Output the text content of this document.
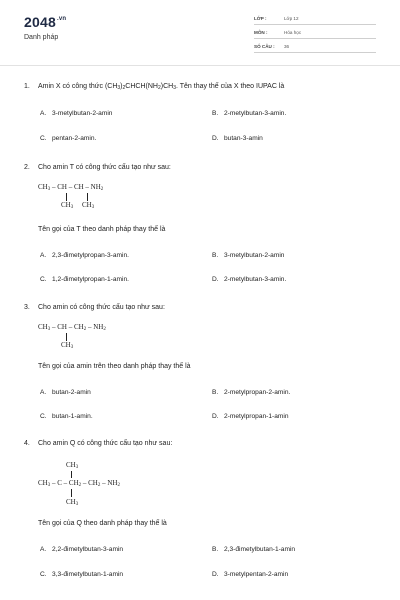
$2048^{.vn}$
Danh pháp
LỚP :	Lớp 12
MÔN :	Hóa học
SỐ CÂU : 36
1. Amin X có công thức $(CH_3)_2CHCH(NH_2)CH_3$. Tên thay thế của X theo IUPAC là
A. 3-metylbutan-2-amin	B. 2-metylbutan-3-amin.
C. pentan-2-amin.	D. butan-3-amin
2. Cho amin T có công thức cấu tạo như sau:
$CH_3$ – CH – CH – $NH_2$
$CH_3$ $CH_3$
Tên gọi của T theo danh pháp thay thế là
A. 2,3-đimetylpropan-3-amin.	B. 3-metylbutan-2-amin
C. 1,2-đimetylpropan-1-amin.	D. 2-metylbutan-3-amin.
3. Cho amin có công thức cấu tạo như sau:
$CH_3$ – CH – $CH_2 - NH_2$
$CH_3$
Tên gọi của amin trên theo danh pháp thay thế là
A. butan-2-amin	B. 2-metylpropan-2-amin.
C. butan-1-amin.	D. 2-metylpropan-1-amin
4. Cho amin Q có công thức cấu tạo như sau:
$CH_3$
$CH_3$ – C – $CH_2 - CH_2 - NH_2$
$CH_3$
Tên gọi của Q theo danh pháp thay thế là
A. 2,2-đimetylbutan-3-amin	B. 2,3-đimetylbutan-1-amin
C. 3,3-đimetylbutan-1-amin	D. 3-metylpentan-2-amin
